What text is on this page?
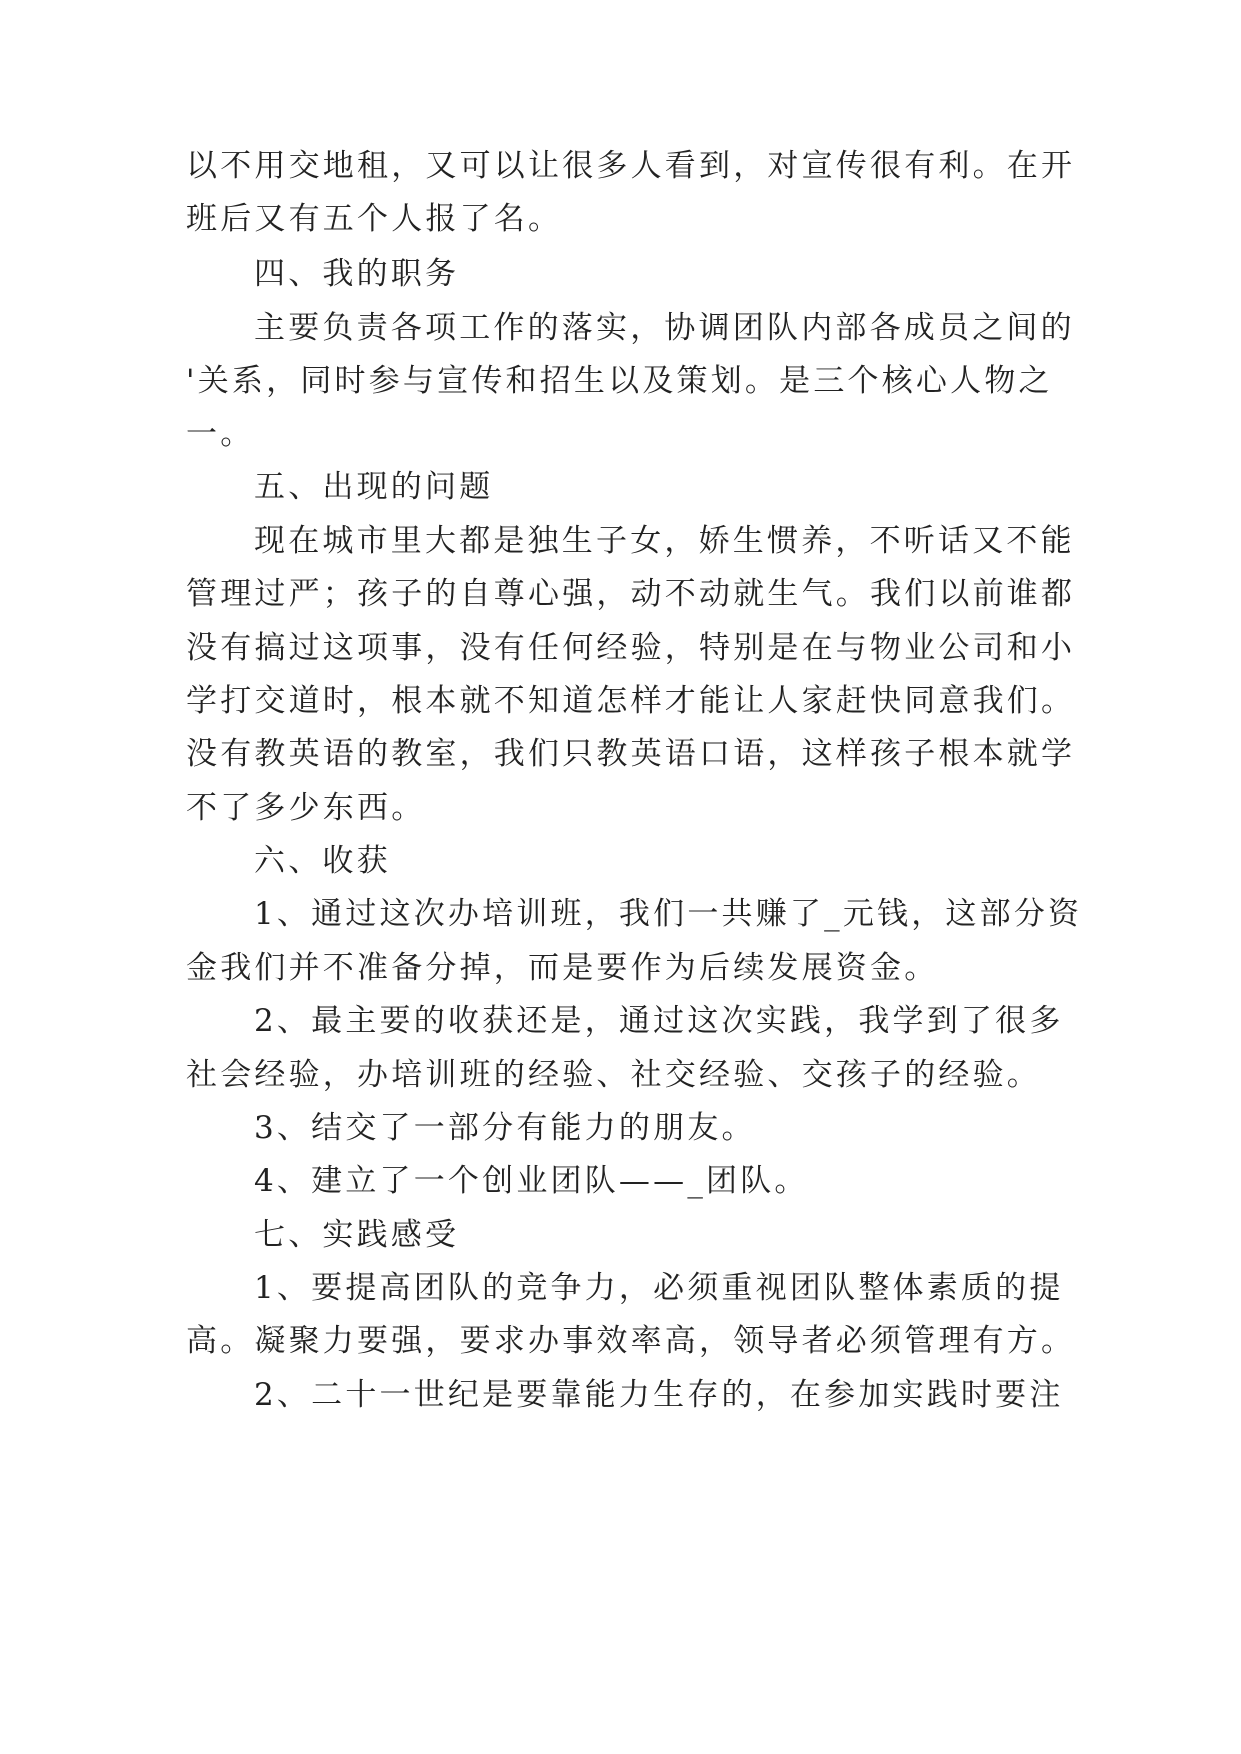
以不用交地租，又可以让很多人看到，对宣传很有利。在开
班后又有五个人报了名。
四、我的职务
主要负责各项工作的落实，协调团队内部各成员之间的
'关系，同时参与宣传和招生以及策划。是三个核心人物之
一。
五、出现的问题
现在城市里大都是独生子女，娇生惯养，不听话又不能
管理过严；孩子的自尊心强，动不动就生气。我们以前谁都
没有搞过这项事，没有任何经验，特别是在与物业公司和小
学打交道时，根本就不知道怎样才能让人家赶快同意我们。
没有教英语的教室，我们只教英语口语，这样孩子根本就学
不了多少东西。
六、收获
1、通过这次办培训班，我们一共赚了_元钱，这部分资
金我们并不准备分掉，而是要作为后续发展资金。
2、最主要的收获还是，通过这次实践，我学到了很多
社会经验，办培训班的经验、社交经验、交孩子的经验。
3、结交了一部分有能力的朋友。
4、建立了一个创业团队——_团队。
七、实践感受
1、要提高团队的竞争力，必须重视团队整体素质的提
高。凝聚力要强，要求办事效率高，领导者必须管理有方。
2、二十一世纪是要靠能力生存的，在参加实践时要注
